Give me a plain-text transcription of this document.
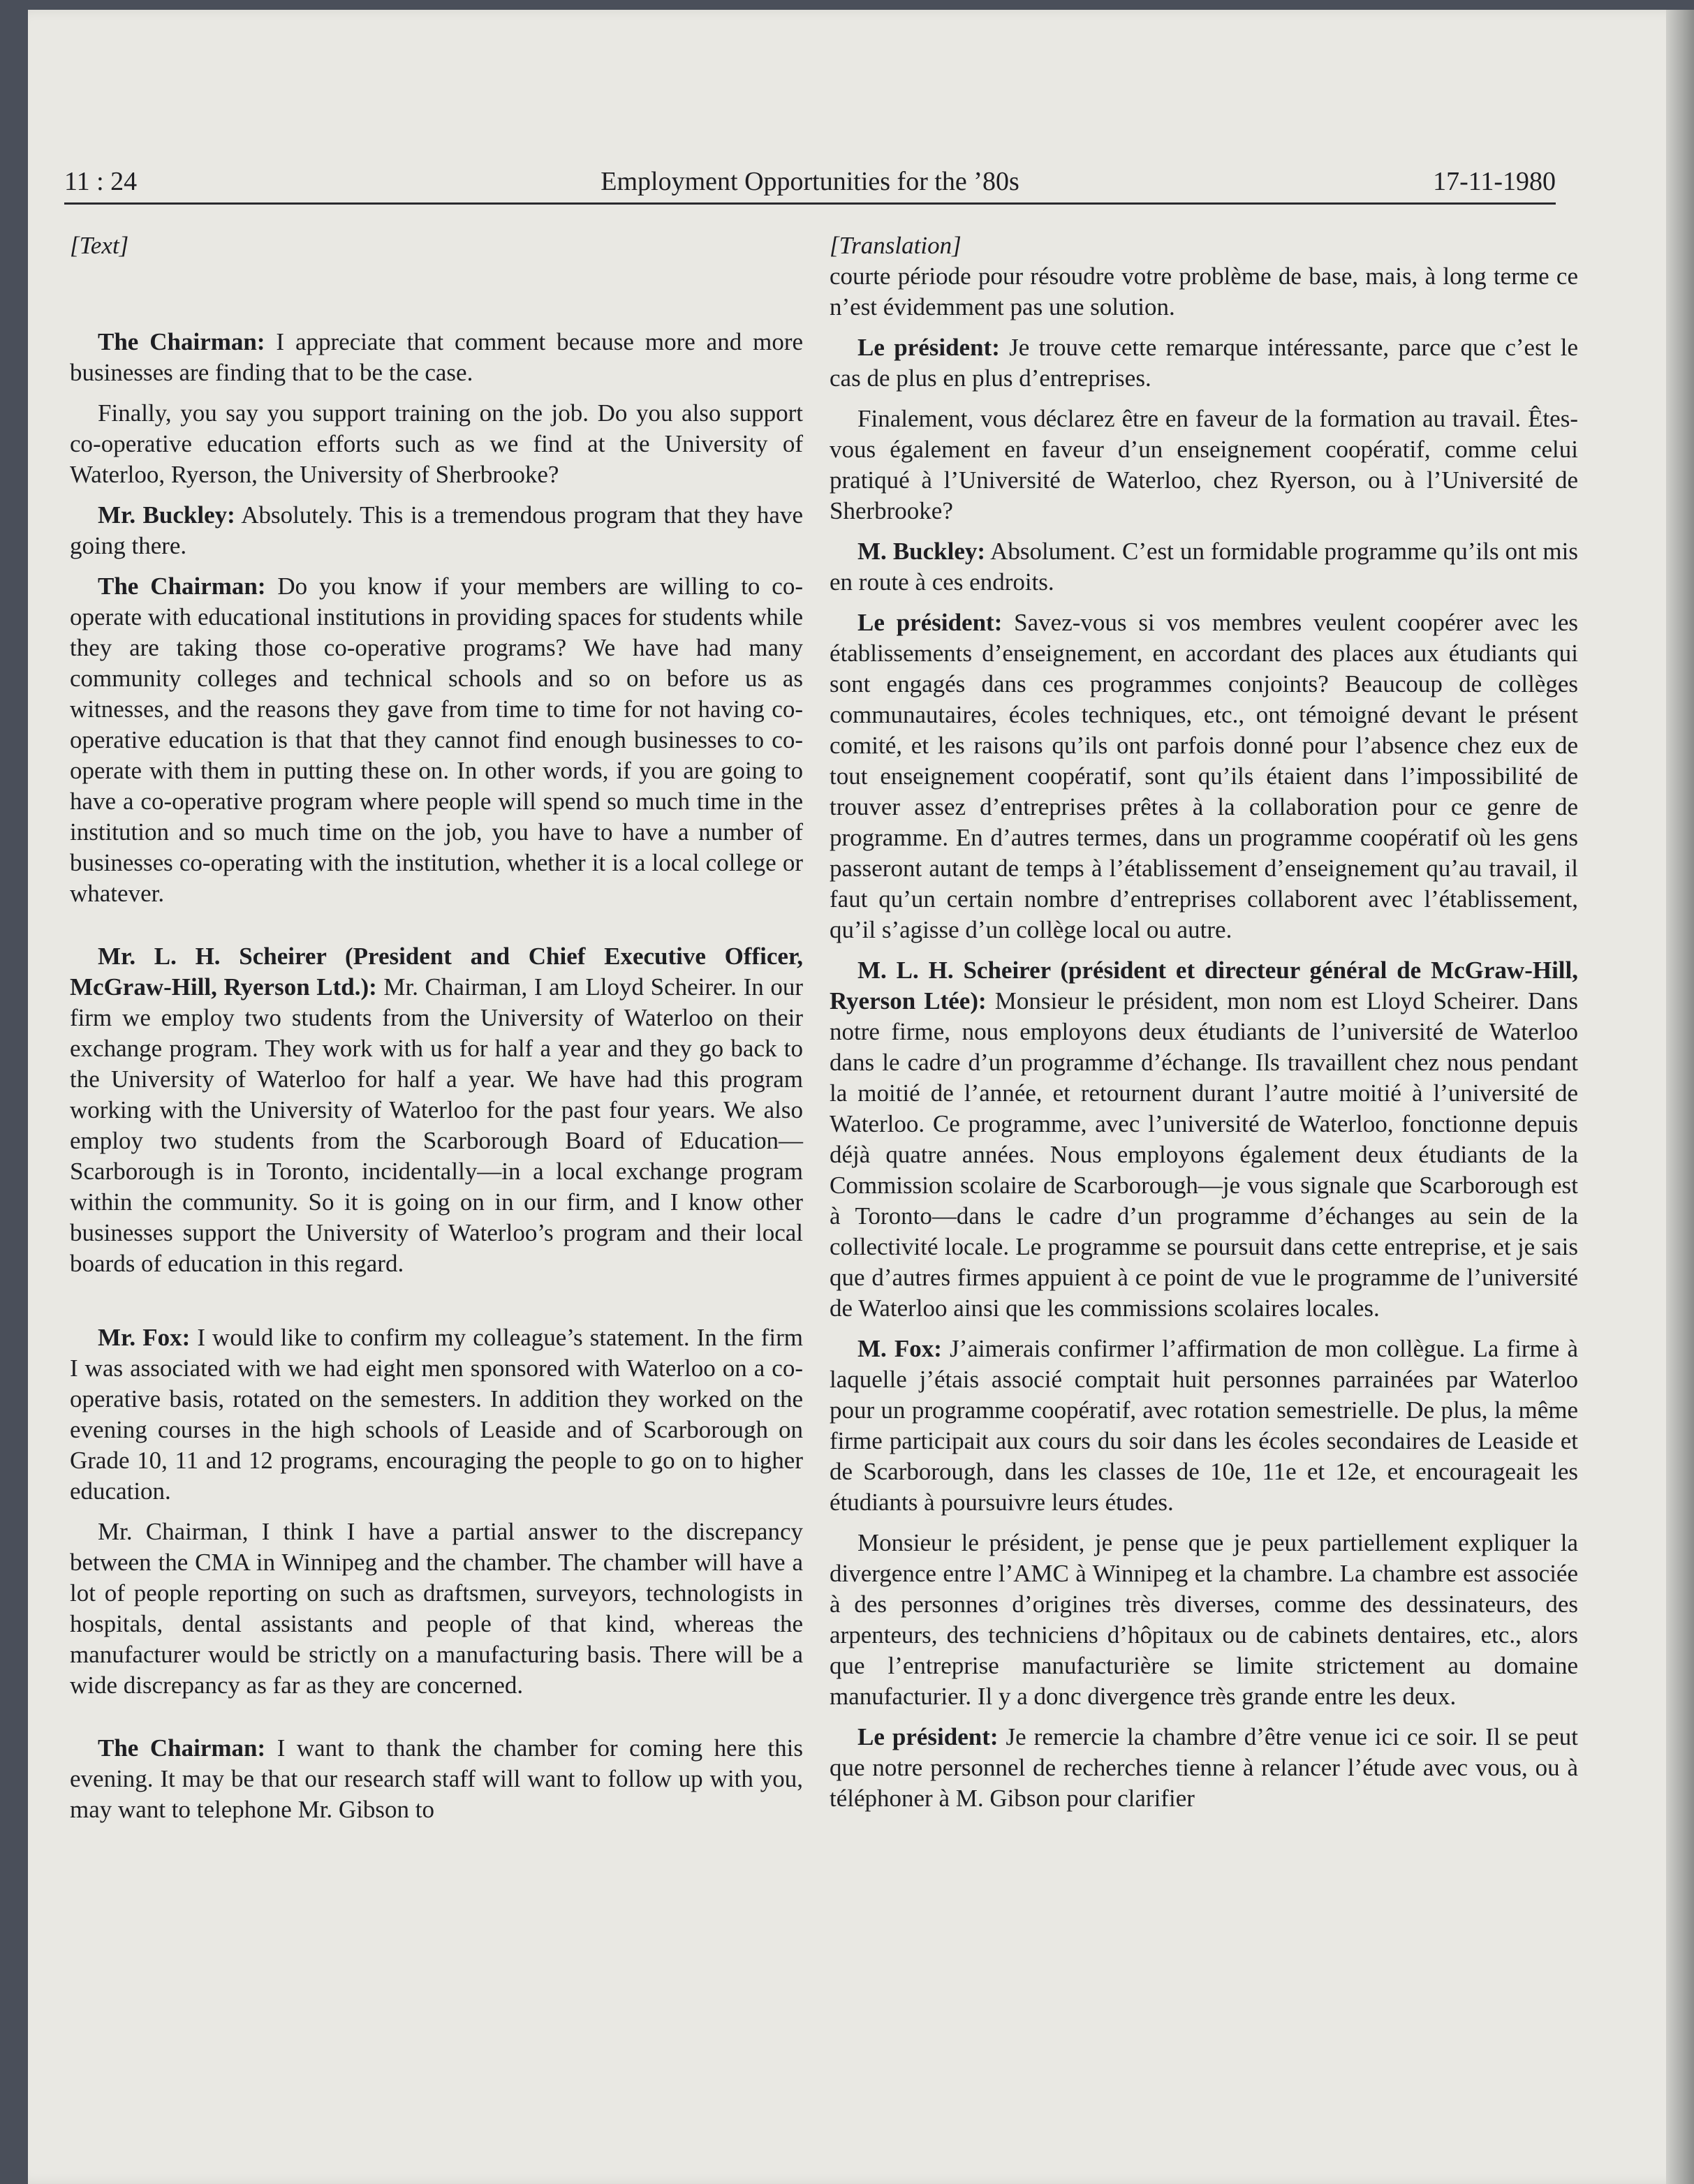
11 : 24	Employment Opportunities for the ’80s	17-11-1980
[Text]

The Chairman: I appreciate that comment because more and more businesses are finding that to be the case.

Finally, you say you support training on the job. Do you also support co-operative education efforts such as we find at the University of Waterloo, Ryerson, the University of Sherbrooke?

Mr. Buckley: Absolutely. This is a tremendous program that they have going there.

The Chairman: Do you know if your members are willing to co-operate with educational institutions in providing spaces for students while they are taking those co-operative programs? We have had many community colleges and technical schools and so on before us as witnesses, and the reasons they gave from time to time for not having co-operative education is that that they cannot find enough businesses to co-operate with them in putting these on. In other words, if you are going to have a co-operative program where people will spend so much time in the institution and so much time on the job, you have to have a number of businesses co-operating with the institution, whether it is a local college or whatever.

Mr. L. H. Scheirer (President and Chief Executive Officer, McGraw-Hill, Ryerson Ltd.): Mr. Chairman, I am Lloyd Scheirer. In our firm we employ two students from the University of Waterloo on their exchange program. They work with us for half a year and they go back to the University of Waterloo for half a year. We have had this program working with the University of Waterloo for the past four years. We also employ two students from the Scarborough Board of Education—Scarborough is in Toronto, incidentally—in a local exchange program within the community. So it is going on in our firm, and I know other businesses support the University of Waterloo’s program and their local boards of education in this regard.

Mr. Fox: I would like to confirm my colleague’s statement. In the firm I was associated with we had eight men sponsored with Waterloo on a co-operative basis, rotated on the semesters. In addition they worked on the evening courses in the high schools of Leaside and of Scarborough on Grade 10, 11 and 12 programs, encouraging the people to go on to higher education.

Mr. Chairman, I think I have a partial answer to the discrepancy between the CMA in Winnipeg and the chamber. The chamber will have a lot of people reporting on such as draftsmen, surveyors, technologists in hospitals, dental assistants and people of that kind, whereas the manufacturer would be strictly on a manufacturing basis. There will be a wide discrepancy as far as they are concerned.

The Chairman: I want to thank the chamber for coming here this evening. It may be that our research staff will want to follow up with you, may want to telephone Mr. Gibson to

[Translation]

courte période pour résoudre votre problème de base, mais, à long terme ce n’est évidemment pas une solution.

Le président: Je trouve cette remarque intéressante, parce que c’est le cas de plus en plus d’entreprises.

Finalement, vous déclarez être en faveur de la formation au travail. Êtes-vous également en faveur d’un enseignement coopératif, comme celui pratiqué à l’Université de Waterloo, chez Ryerson, ou à l’Université de Sherbrooke?

M. Buckley: Absolument. C’est un formidable programme qu’ils ont mis en route à ces endroits.

Le président: Savez-vous si vos membres veulent coopérer avec les établissements d’enseignement, en accordant des places aux étudiants qui sont engagés dans ces programmes conjoints? Beaucoup de collèges communautaires, écoles techniques, etc., ont témoigné devant le présent comité, et les raisons qu’ils ont parfois donné pour l’absence chez eux de tout enseignement coopératif, sont qu’ils étaient dans l’impossibilité de trouver assez d’entreprises prêtes à la collaboration pour ce genre de programme. En d’autres termes, dans un programme coopératif où les gens passeront autant de temps à l’établissement d’enseignement qu’au travail, il faut qu’un certain nombre d’entreprises collaborent avec l’établissement, qu’il s’agisse d’un collège local ou autre.

M. L. H. Scheirer (président et directeur général de McGraw-Hill, Ryerson Ltée): Monsieur le président, mon nom est Lloyd Scheirer. Dans notre firme, nous employons deux étudiants de l’université de Waterloo dans le cadre d’un programme d’échange. Ils travaillent chez nous pendant la moitié de l’année, et retournent durant l’autre moitié à l’université de Waterloo. Ce programme, avec l’université de Waterloo, fonctionne depuis déjà quatre années. Nous employons également deux étudiants de la Commission scolaire de Scarborough—je vous signale que Scarborough est à Toronto—dans le cadre d’un programme d’échanges au sein de la collectivité locale. Le programme se poursuit dans cette entreprise, et je sais que d’autres firmes appuient à ce point de vue le programme de l’université de Waterloo ainsi que les commissions scolaires locales.

M. Fox: J’aimerais confirmer l’affirmation de mon collègue. La firme à laquelle j’étais associé comptait huit personnes parrainées par Waterloo pour un programme coopératif, avec rotation semestrielle. De plus, la même firme participait aux cours du soir dans les écoles secondaires de Leaside et de Scarborough, dans les classes de 10e, 11e et 12e, et encourageait les étudiants à poursuivre leurs études.

Monsieur le président, je pense que je peux partiellement expliquer la divergence entre l’AMC à Winnipeg et la chambre. La chambre est associée à des personnes d’origines très diverses, comme des dessinateurs, des arpenteurs, des techniciens d’hôpitaux ou de cabinets dentaires, etc., alors que l’entreprise manufacturière se limite strictement au domaine manufacturier. Il y a donc divergence très grande entre les deux.

Le président: Je remercie la chambre d’être venue ici ce soir. Il se peut que notre personnel de recherches tienne à relancer l’étude avec vous, ou à téléphoner à M. Gibson pour clarifier
